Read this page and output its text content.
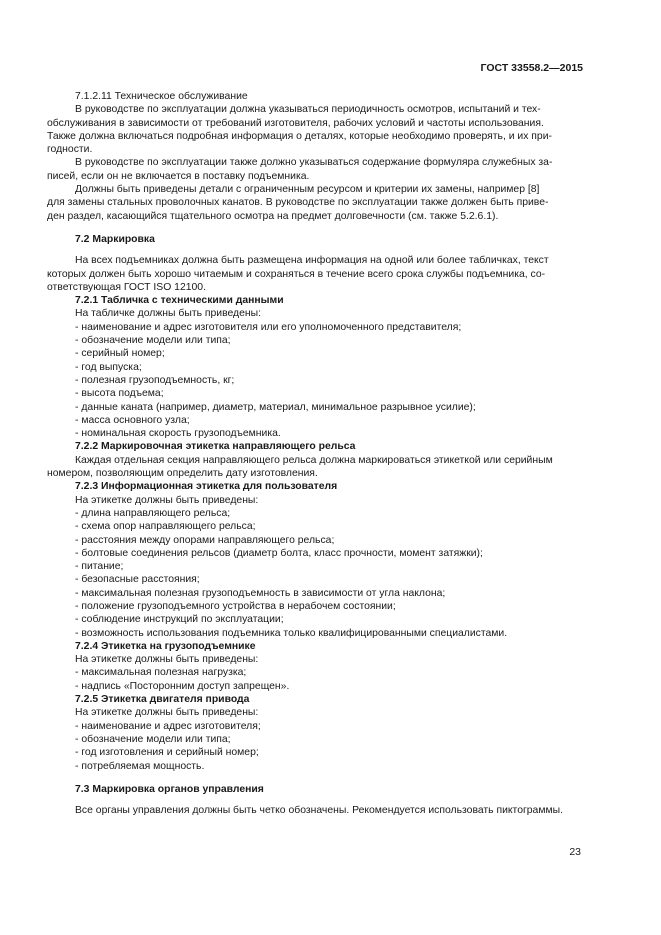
ГОСТ 33558.2—2015
7.1.2.11 Техническое обслуживание
В руководстве по эксплуатации должна указываться периодичность осмотров, испытаний и тех-
обслуживания в зависимости от требований изготовителя, рабочих условий и частоты использования.
Также должна включаться подробная информация о деталях, которые необходимо проверять, и их при-
годности.
В руководстве по эксплуатации также должно указываться содержание формуляра служебных за-
писей, если он не включается в поставку подъемника.
Должны быть приведены детали с ограниченным ресурсом и критерии их замены, например [8]
для замены стальных проволочных канатов. В руководстве по эксплуатации также должен быть приве-
ден раздел, касающийся тщательного осмотра на предмет долговечности (см. также 5.2.6.1).
7.2 Маркировка
На всех подъемниках должна быть размещена информация на одной или более табличках, текст
которых должен быть хорошо читаемым и сохраняться в течение всего срока службы подъемника, со-
ответствующая ГОСТ ISO 12100.
7.2.1 Табличка с техническими данными
На табличке должны быть приведены:
- наименование и адрес изготовителя или его уполномоченного представителя;
- обозначение модели или типа;
- серийный номер;
- год выпуска;
- полезная грузоподъемность, кг;
- высота подъема;
- данные каната (например, диаметр, материал, минимальное разрывное усилие);
- масса основного узла;
- номинальная скорость грузоподъемника.
7.2.2 Маркировочная этикетка направляющего рельса
Каждая отдельная секция направляющего рельса должна маркироваться этикеткой или серийным
номером, позволяющим определить дату изготовления.
7.2.3 Информационная этикетка для пользователя
На этикетке должны быть приведены:
- длина направляющего рельса;
- схема опор направляющего рельса;
- расстояния между опорами направляющего рельса;
- болтовые соединения рельсов (диаметр болта, класс прочности, момент затяжки);
- питание;
- безопасные расстояния;
- максимальная полезная грузоподъемность в зависимости от угла наклона;
- положение грузоподъемного устройства в нерабочем состоянии;
- соблюдение инструкций по эксплуатации;
- возможность использования подъемника только квалифицированными специалистами.
7.2.4 Этикетка на грузоподъемнике
На этикетке должны быть приведены:
- максимальная полезная нагрузка;
- надпись «Посторонним доступ запрещен».
7.2.5 Этикетка двигателя привода
На этикетке должны быть приведены:
- наименование и адрес изготовителя;
- обозначение модели или типа;
- год изготовления и серийный номер;
- потребляемая мощность.
7.3 Маркировка органов управления
Все органы управления должны быть четко обозначены. Рекомендуется использовать пиктограммы.
23
